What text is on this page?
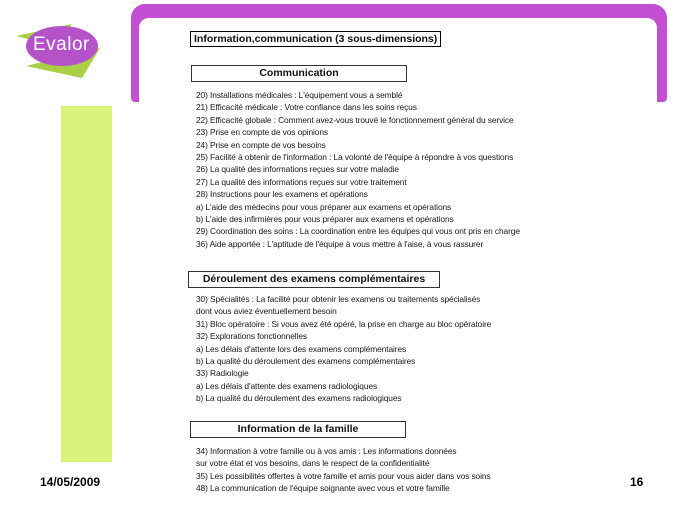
Evalor	Information,communication (3 sous-dimensions)
Communication
20) Installations médicales : L'équipement vous a semblé
21) Efficacité médicale : Votre confiance dans les soins reçus
22) Efficacité globale : Comment avez-vous trouvé le fonctionnement général du service
23) Prise en compte de vos opinions
24) Prise en compte de vos besoins
25) Facilité à obtenir de l'information : La volonté de l'équipe à répondre à vos questions
26) La qualité des informations reçues sur votre maladie
27) La qualité des informations reçues sur votre traitement
28) Instructions pour les examens et opérations
a) L'aide des médecins pour vous préparer aux examens et opérations
b) L'aide des infirmières pour vous préparer aux examens et opérations
29) Coordination des soins : La coordination entre les équipes qui vous ont pris en charge
36) Aide apportée : L'aptitude de l'équipe à vous mettre à l'aise, à vous rassurer
Déroulement des examens complémentaires
30) Spécialités : La facilité pour obtenir les examens ou traitements spécialisés
dont vous aviez éventuellement besoin
31) Bloc opératoire : Si vous avez été opéré, la prise en charge au bloc opératoire
32) Explorations fonctionnelles
a) Les délais d'attente lors des examens complémentaires
b) La qualité du déroulement des examens complémentaires
33) Radiologie
a) Les délais d'attente des examens radiologiques
b) La qualité du déroulement des examens radiologiques
Information de la famille
34) Information à votre famille ou à vos amis : Les informations données
sur votre état et vos besoins, dans le respect de la confidentialité
35) Les possibilités offertes à votre famille et amis pour vous aider dans vos soins
48) La communication de l'équipe soignante avec vous et votre famille
14/05/2009	16
